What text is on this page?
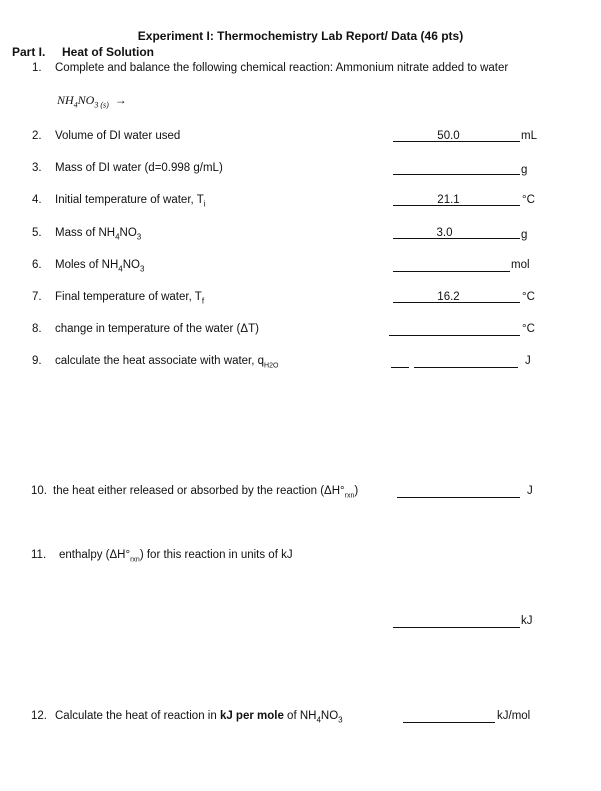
Experiment I: Thermochemistry Lab Report/ Data (46 pts)
Part I. Heat of Solution
1. Complete and balance the following chemical reaction: Ammonium nitrate added to water
$NH_4NO_{3 (s)}$ →
2. Volume of DI water used	50.0	mL
3. Mass of DI water (d=0.998 g/mL)	g
4. Initial temperature of water, $T_i$	21.1	°C
5. Mass of $NH_4NO_3$	3.0	g
6. Moles of $NH_4NO_3$	mol
7. Final temperature of water, $T_f$	16.2	°C
8. change in temperature of the water (ΔT)	°C
9. calculate the heat associate with water, $q_{H2O}$	J
10. the heat either released or absorbed by the reaction $(\Delta H^\circ_{rxn})$	J
11. enthalpy $(\Delta H^\circ_{rxn})$ for this reaction in units of kJ
kJ
12. Calculate the heat of reaction in kJ per mole of $NH_4NO_3$	kJ/mol
